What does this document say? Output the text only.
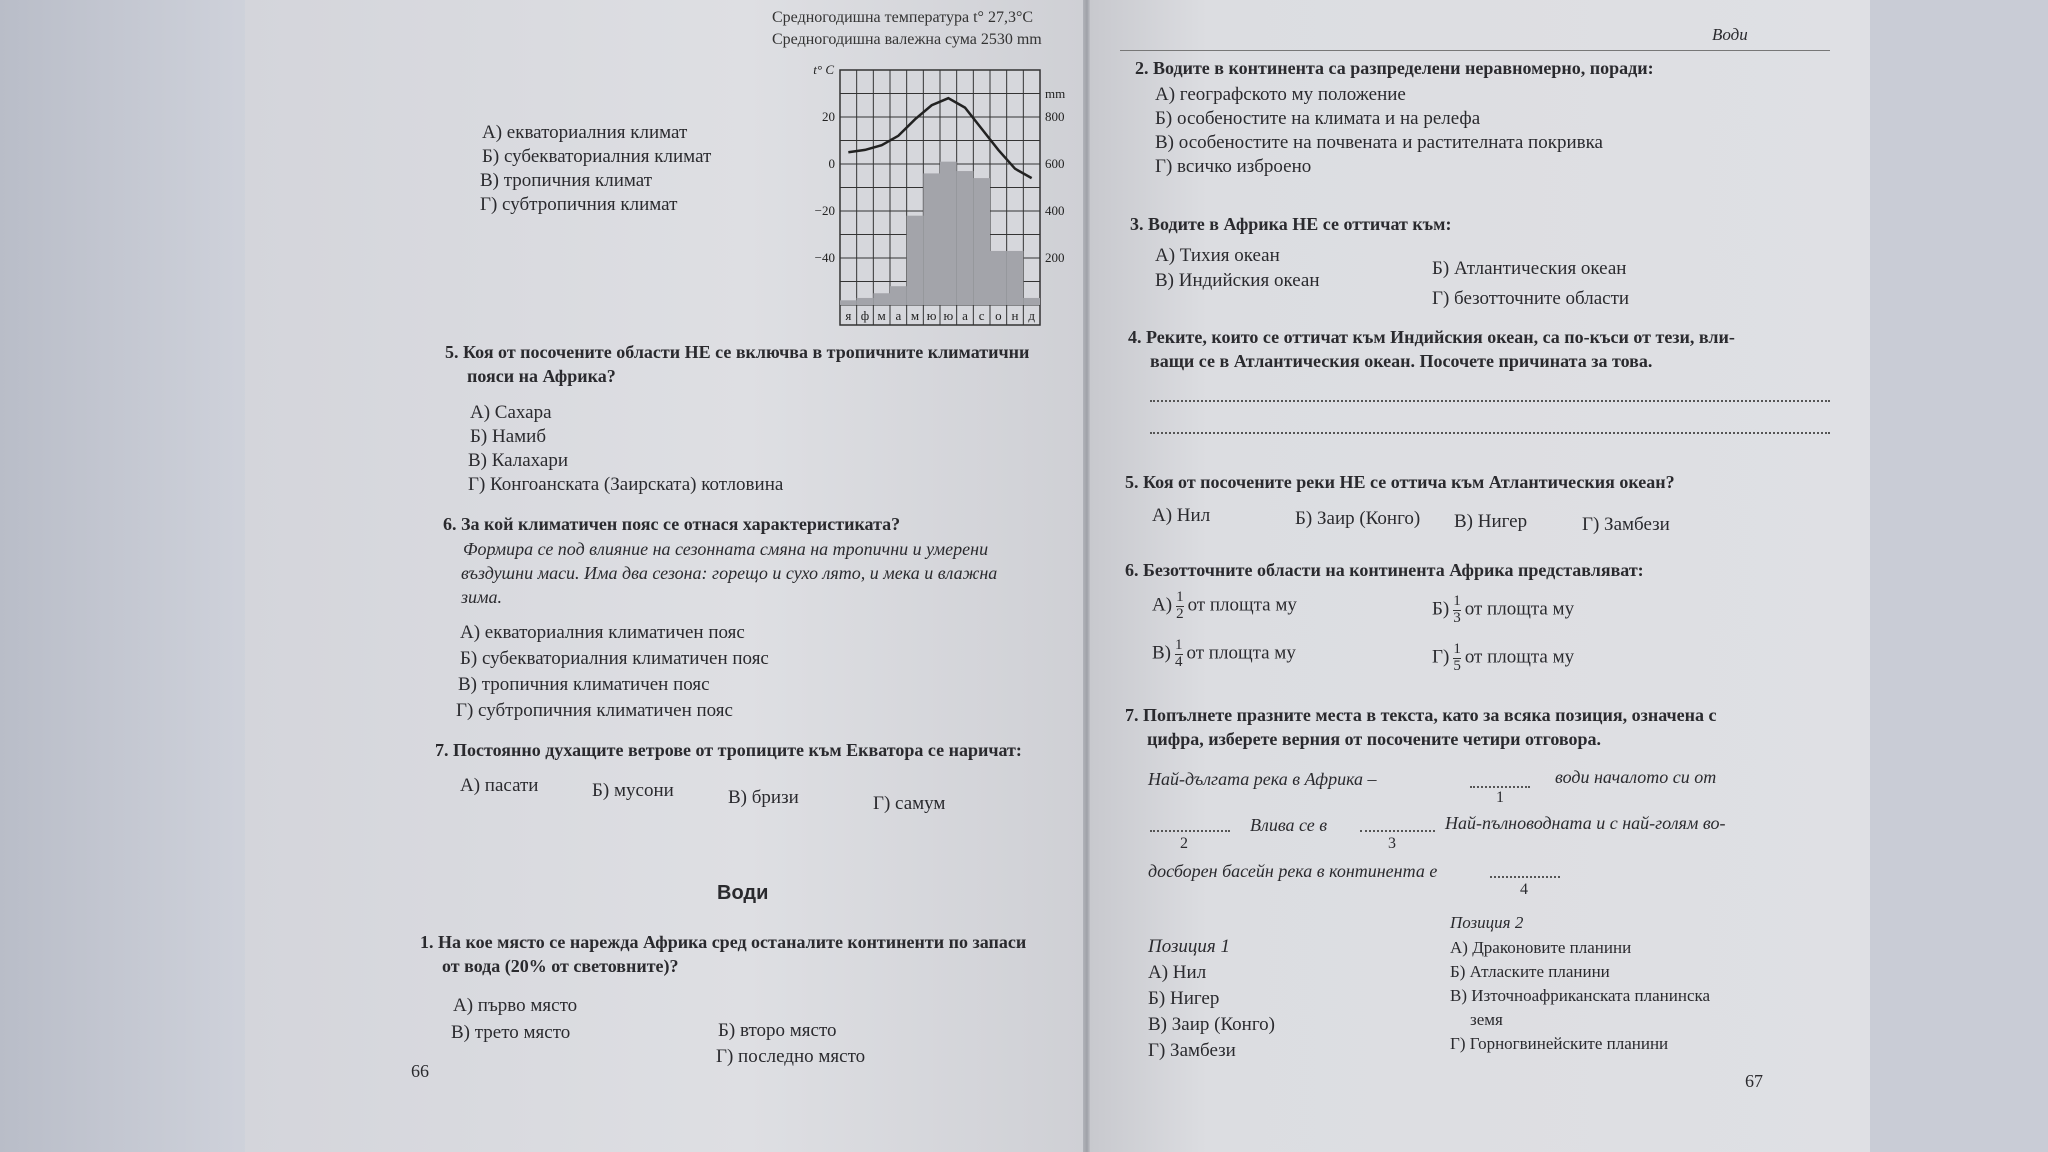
А) екваториалния климат
Б) субекваториалния климат
В) тропичния климат
Г) субтропичния климат
Средногодишна температура t° 27,3°C
Средногодишна валежна сума 2530 mm
t° C
mm
20
0
−20
−40
800
600
400
200
я ф м а м ю ю а с о н д
5. Коя от посочените области НЕ се включва в тропичните климатични
пояси на Африка?
А) Сахара
Б) Намиб
В) Калахари
Г) Конгоанската (Заирската) котловина
6. За кой климатичен пояс се отнася характеристиката?
Формира се под влияние на сезонната смяна на тропични и умерени
въздушни маси. Има два сезона: горещо и сухо лято, и мека и влажна
зима.
А) екваториалния климатичен пояс
Б) субекваториалния климатичен пояс
В) тропичния климатичен пояс
Г) субтропичния климатичен пояс
7. Постоянно духащите ветрове от тропиците към Екватора се наричат:
А) пасати	Б) мусони	В) бризи	Г) самум
Води
1. На кое място се нарежда Африка сред останалите континенти по запаси
от вода (20% от световните)?
А) първо място
Б) второ място
В) трето място
Г) последно място
66
Води
2. Водите в континента са разпределени неравномерно, поради:
А) географското му положение
Б) особеностите на климата и на релефа
В) особеностите на почвената и растителната покривка
Г) всичко изброено
3. Водите в Африка НЕ се оттичат към:
А) Тихия океан
Б) Атлантическия океан
В) Индийския океан
Г) безотточните области
4. Реките, които се оттичат към Индийския океан, са по-къси от тези, вли-
ващи се в Атлантическия океан. Посочете причината за това.
5. Коя от посочените реки НЕ се оттича към Атлантическия океан?
А) Нил	Б) Заир (Конго) В) Нигер	Г) Замбези
6. Безотточните области на континента Африка представляват:
$А) \frac{1}{2}$ от площта му	$Б) \frac{1}{3}$ от площта му
$В) \frac{1}{4}$ от площта му	$Г) \frac{1}{5}$ от площта му
7. Попълнете празните места в текста, като за всяка позиция, означена с
цифра, изберете верния от посочените четири отговора.
Най-дългата река в Африка –
1
води началото си от
2
Влива се в
3
Най-пълноводната и с най-голям во-
досборен басейн река в континента е
4
Позиция 1
А) Нил
Б) Нигер
В) Заир (Конго)
Г) Замбези
Позиция 2
А) Драконовите планини
Б) Атласките планини
В) Източноафриканската планинска
земя
Г) Горногвинейските планини
67
